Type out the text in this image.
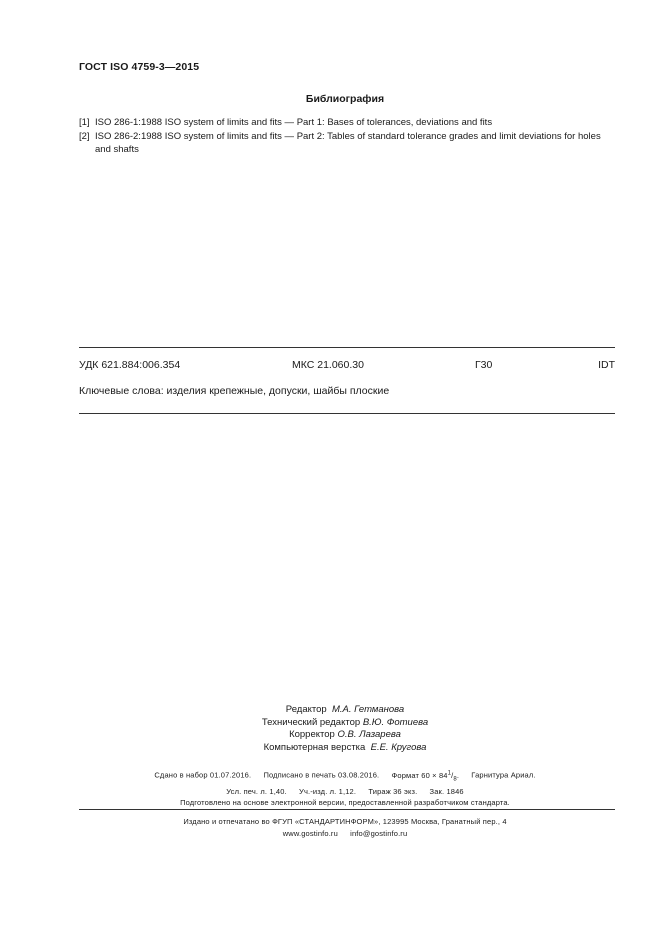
ГОСТ ISO 4759-3—2015
Библиография
[1] ISO 286-1:1988 ISO system of limits and fits — Part 1: Bases of tolerances, deviations and fits
[2] ISO 286-2:1988 ISO system of limits and fits — Part 2: Tables of standard tolerance grades and limit deviations for holes and shafts
УДК 621.884:006.354	МКС 21.060.30	Г30	IDT
Ключевые слова: изделия крепежные, допуски, шайбы плоские
Редактор М.А. Гетманова
Технический редактор В.Ю. Фотиева
Корректор О.В. Лазарева
Компьютерная верстка Е.Е. Кругова
Сдано в набор 01.07.2016. Подписано в печать 03.08.2016. Формат $60 \times 84^1/_8$. Гарнитура Ариал.
Усл. печ. л. 1,40. Уч.-изд. л. 1,12. Тираж 36 экз. Зак. 1846
Подготовлено на основе электронной версии, предоставленной разработчиком стандарта.
Издано и отпечатано во ФГУП «СТАНДАРТИНФОРМ», 123995 Москва, Гранатный пер., 4
www.gostinfo.ru info@gostinfo.ru
